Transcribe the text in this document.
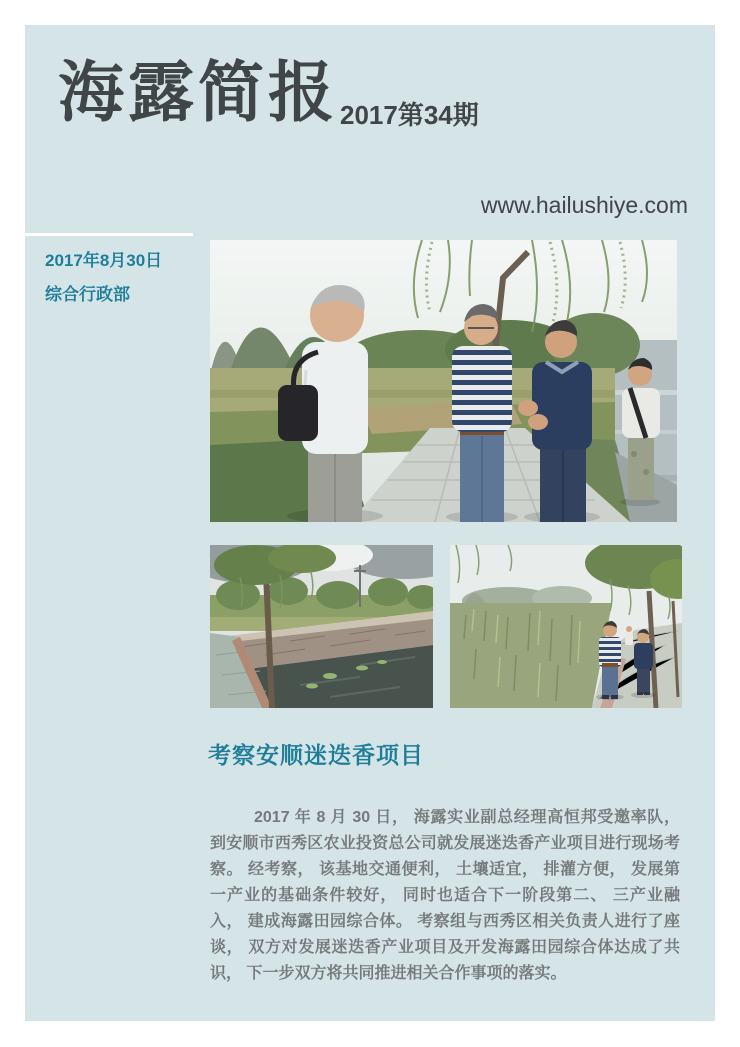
海露简报 2017第34期
www.hailushiye.com
2017年8月30日
综合行政部
考察安顺迷迭香项目

2017 年 8 月 30 日， 海露实业副总经理高恒邦受邀率队， 到安顺市西秀区农业投资总公司就发展迷迭香产业项目进行现场考察。 经考察， 该基地交通便利， 土壤适宜， 排灌方便， 发展第一产业的基础条件较好， 同时也适合下一阶段第二、 三产业融入， 建成海露田园综合体。 考察组与西秀区相关负责人进行了座谈， 双方对发展迷迭香产业项目及开发海露田园综合体达成了共识， 下一步双方将共同推进相关合作事项的落实。
